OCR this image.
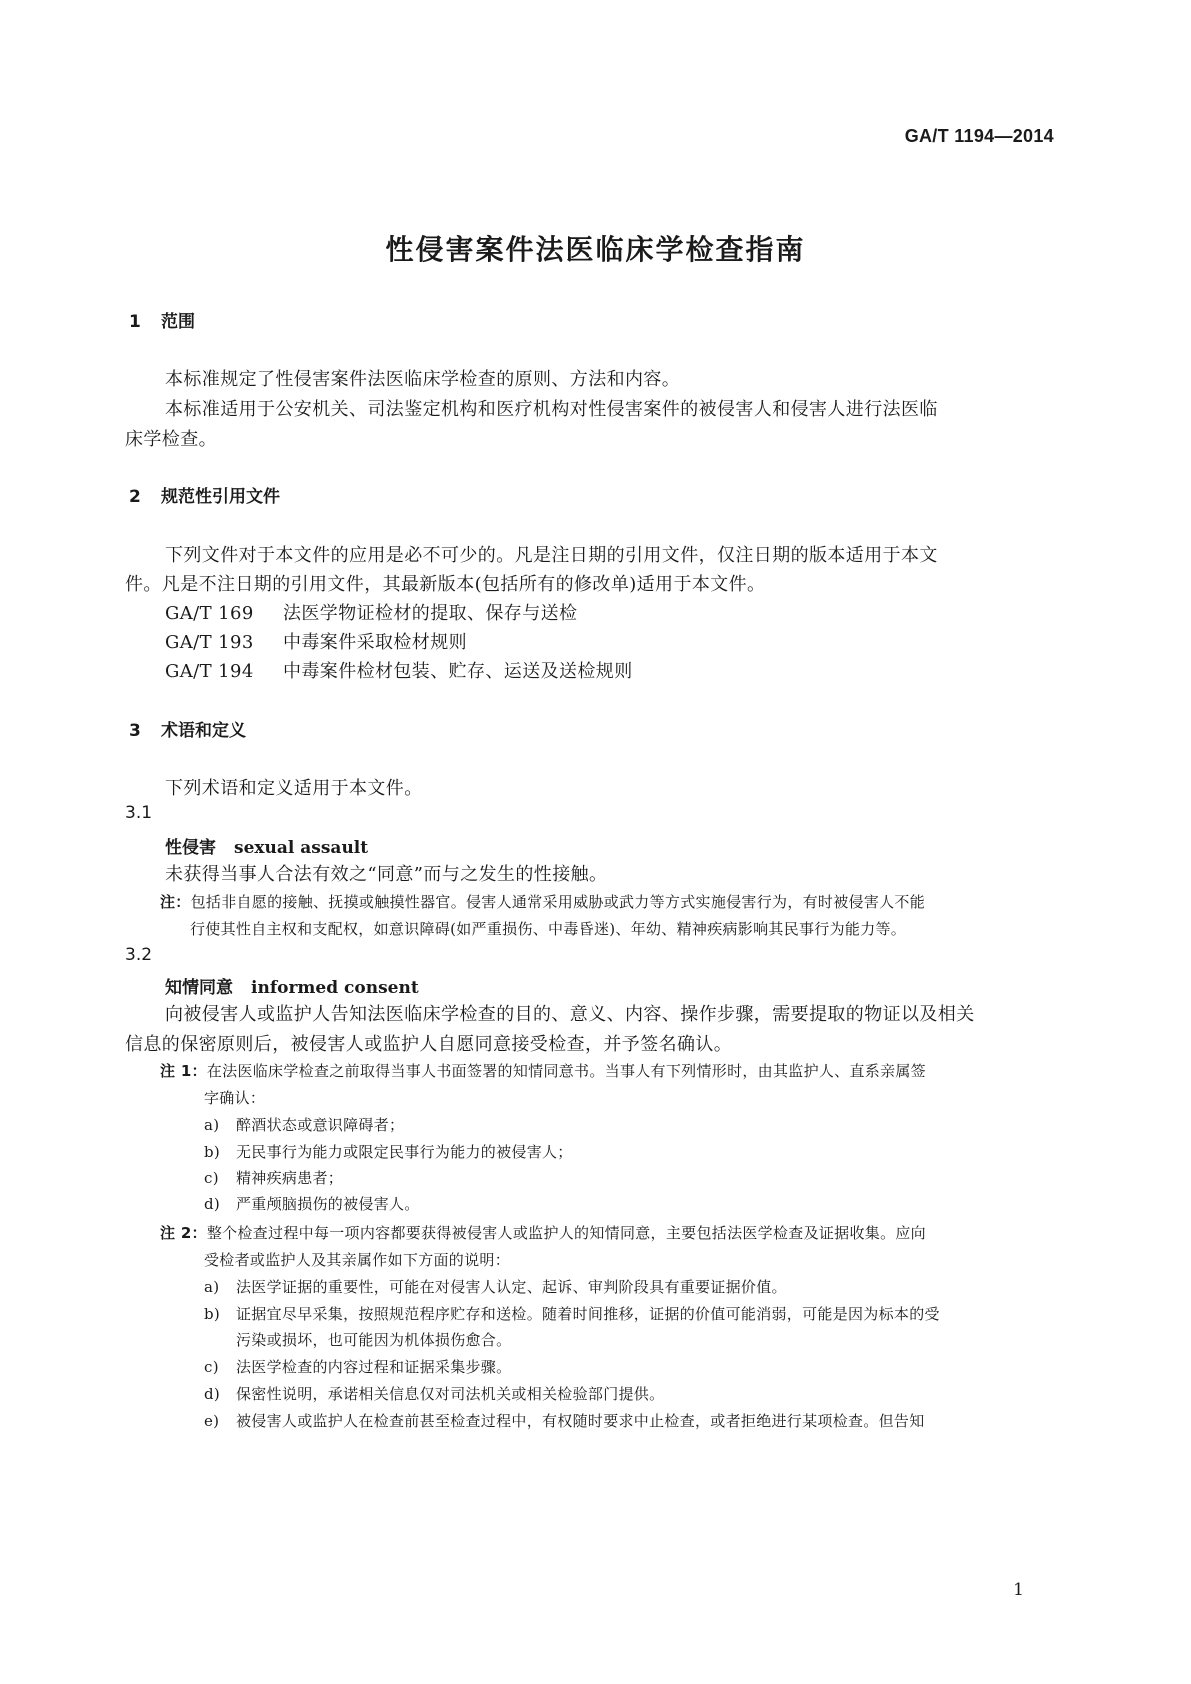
GA/T 1194—2014
性侵害案件法医临床学检查指南
1 范围
本标准规定了性侵害案件法医临床学检查的原则、方法和内容。
本标准适用于公安机关、司法鉴定机构和医疗机构对性侵害案件的被侵害人和侵害人进行法医临
床学检查。
2 规范性引用文件
下列文件对于本文件的应用是必不可少的。凡是注日期的引用文件，仅注日期的版本适用于本文
件。凡是不注日期的引用文件，其最新版本(包括所有的修改单)适用于本文件。
GA/T 169 法医学物证检材的提取、保存与送检
GA/T 193 中毒案件采取检材规则
GA/T 194 中毒案件检材包装、贮存、运送及送检规则
3 术语和定义
下列术语和定义适用于本文件。
3.1
性侵害 sexual assault
未获得当事人合法有效之“同意”而与之发生的性接触。
注：包括非自愿的接触、抚摸或触摸性器官。侵害人通常采用威胁或武力等方式实施侵害行为，有时被侵害人不能
行使其性自主权和支配权，如意识障碍(如严重损伤、中毒昏迷)、年幼、精神疾病影响其民事行为能力等。
3.2
知情同意 informed consent
向被侵害人或监护人告知法医临床学检查的目的、意义、内容、操作步骤，需要提取的物证以及相关
信息的保密原则后，被侵害人或监护人自愿同意接受检查，并予签名确认。
注 1：在法医临床学检查之前取得当事人书面签署的知情同意书。当事人有下列情形时，由其监护人、直系亲属签
字确认：
a) 醉酒状态或意识障碍者；
b) 无民事行为能力或限定民事行为能力的被侵害人；
c) 精神疾病患者；
d) 严重颅脑损伤的被侵害人。
注 2：整个检查过程中每一项内容都要获得被侵害人或监护人的知情同意，主要包括法医学检查及证据收集。应向
受检者或监护人及其亲属作如下方面的说明：
a) 法医学证据的重要性，可能在对侵害人认定、起诉、审判阶段具有重要证据价值。
b) 证据宜尽早采集，按照规范程序贮存和送检。随着时间推移，证据的价值可能消弱，可能是因为标本的受
污染或损坏，也可能因为机体损伤愈合。
c) 法医学检查的内容过程和证据采集步骤。
d) 保密性说明，承诺相关信息仅对司法机关或相关检验部门提供。
e) 被侵害人或监护人在检查前甚至检查过程中，有权随时要求中止检查，或者拒绝进行某项检查。但告知
1
